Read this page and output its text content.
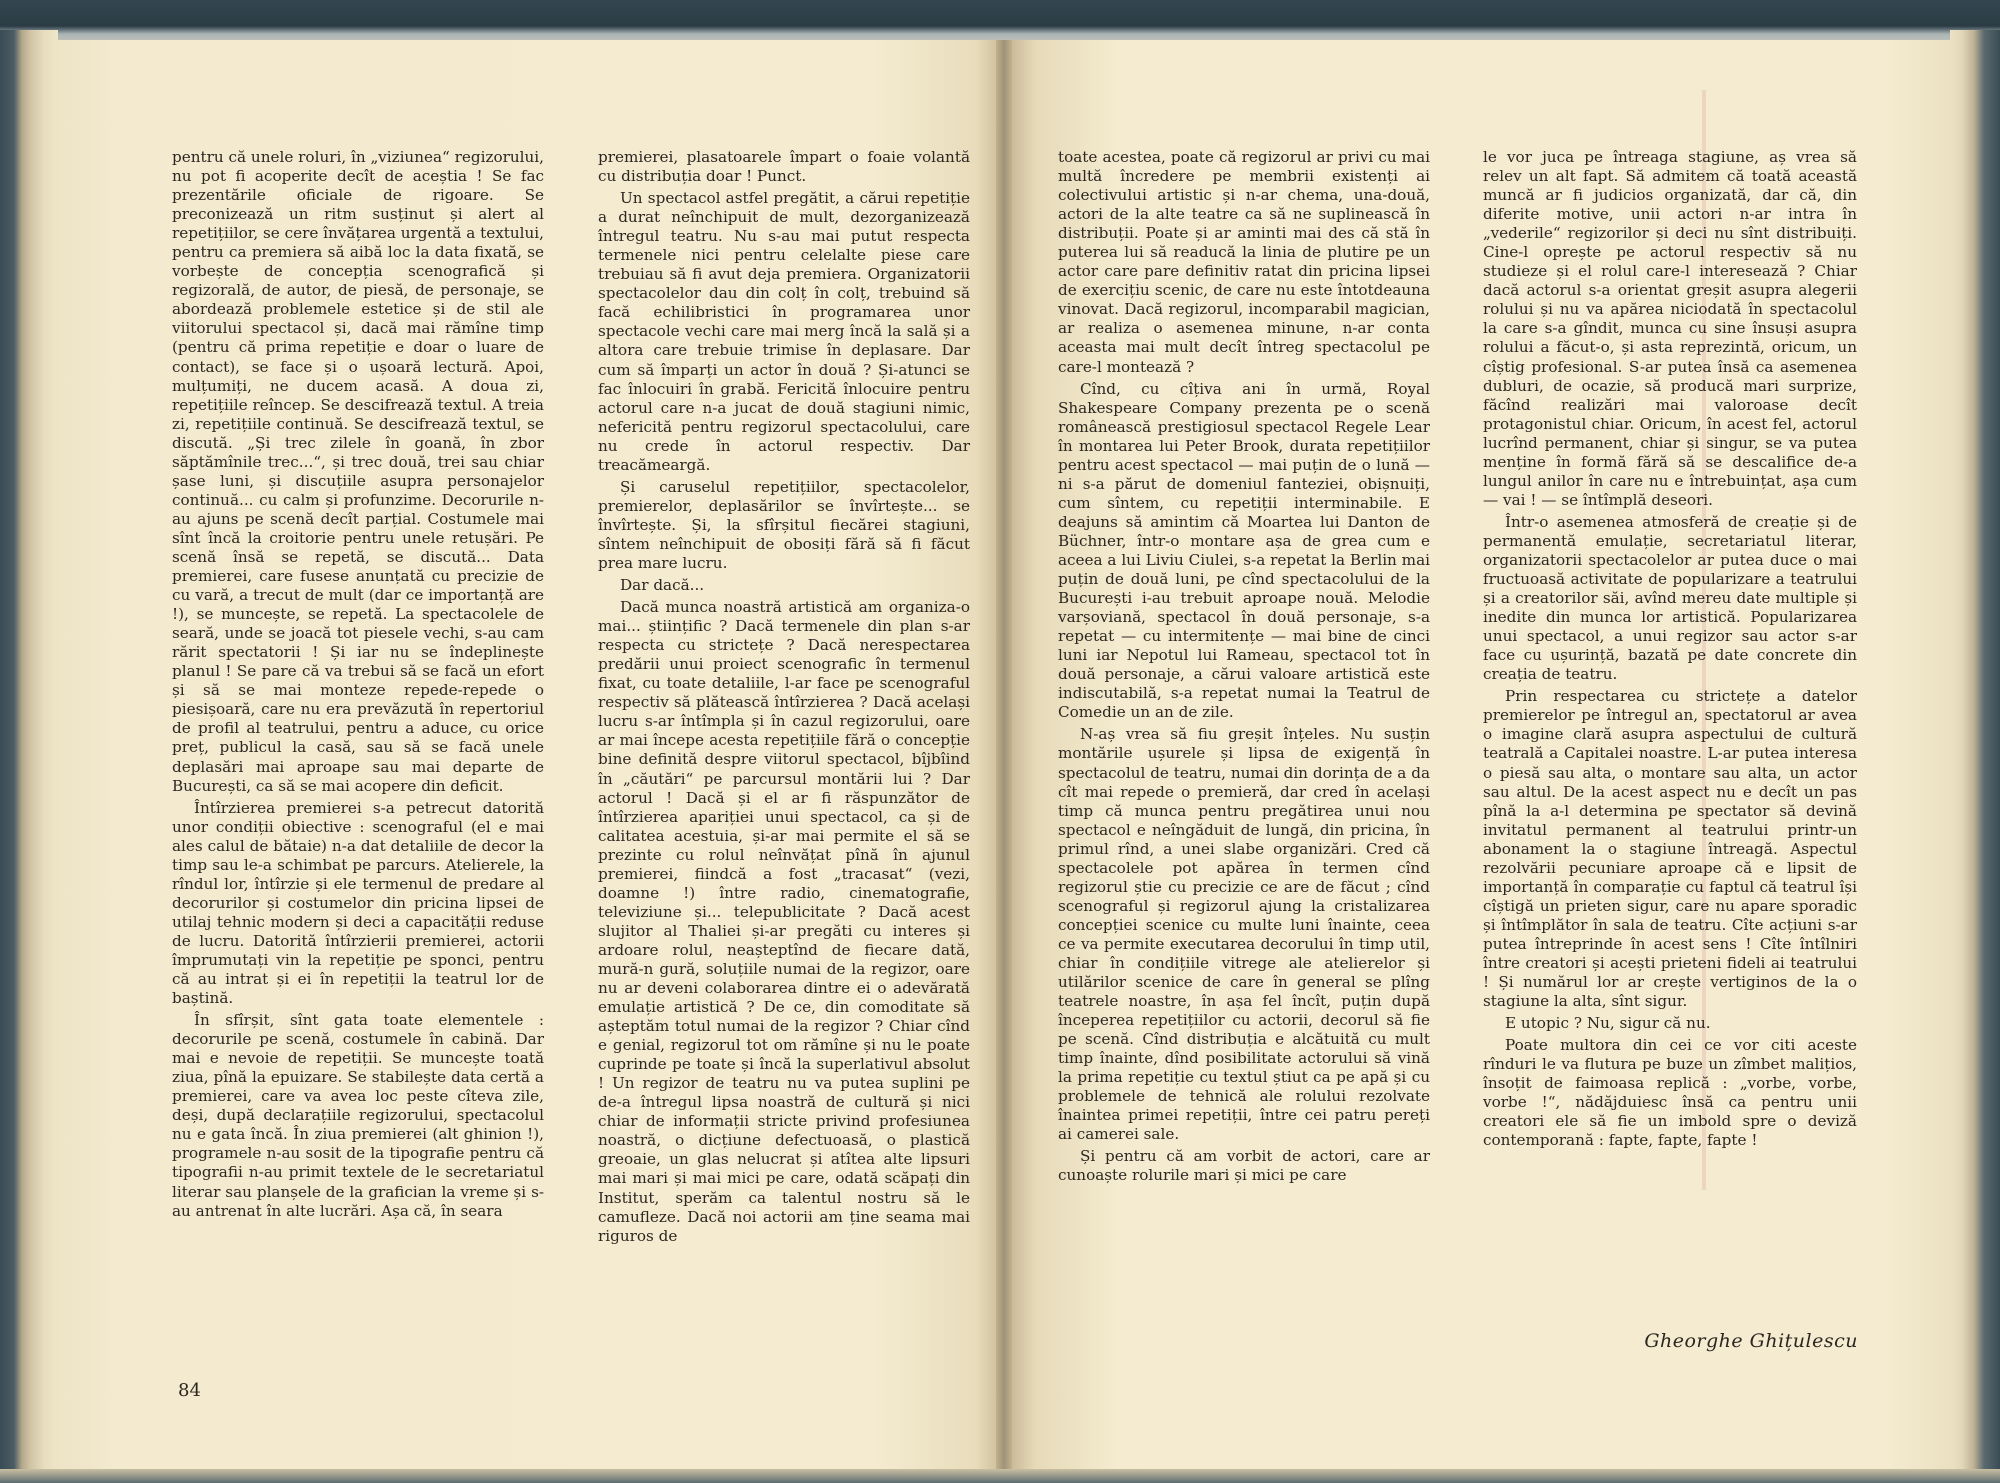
pentru că unele roluri, în „viziunea“ regizorului, nu pot fi acoperite decît de aceștia ! Se fac prezentările oficiale de rigoare. Se preconizează un ritm susținut și alert al repetițiilor, se cere învățarea urgentă a textului, pentru ca premiera să aibă loc la data fixată, se vorbește de concepția scenografică și regizorală, de autor, de piesă, de personaje, se abordează problemele estetice și de stil ale viitorului spectacol și, dacă mai rămîne timp (pentru că prima repetiție e doar o luare de contact), se face și o ușoară lectură. Apoi, mulțumiți, ne ducem acasă. A doua zi, repetițiile reîncep. Se descifrează textul. A treia zi, repetițiile continuă. Se descifrează textul, se discută. „Și trec zilele în goană, în zbor săptămînile trec...“, și trec două, trei sau chiar șase luni, și discuțiile asupra personajelor continuă... cu calm și profunzime. Decorurile n-au ajuns pe scenă decît parțial. Costumele mai sînt încă la croitorie pentru unele retușări. Pe scenă însă se repetă, se discută... Data premierei, care fusese anunțată cu precizie de cu vară, a trecut de mult (dar ce importanță are !), se muncește, se repetă. La spectacolele de seară, unde se joacă tot piesele vechi, s-au cam rărit spectatorii ! Și iar nu se îndeplinește planul ! Se pare că va trebui să se facă un efort și să se mai monteze repede-repede o piesișoară, care nu era prevăzută în repertoriul de profil al teatrului, pentru a aduce, cu orice preț, publicul la casă, sau să se facă unele deplasări mai aproape sau mai departe de București, ca să se mai acopere din deficit.

Întîrzierea premierei s-a petrecut datorită unor condiții obiective : scenograful (el e mai ales calul de bătaie) n-a dat detaliile de decor la timp sau le-a schimbat pe parcurs. Atelierele, la rîndul lor, întîrzie și ele termenul de predare al decorurilor și costumelor din pricina lipsei de utilaj tehnic modern și deci a capacității reduse de lucru. Datorită întîrzierii premierei, actorii împrumutați vin la repetiție pe sponci, pentru că au intrat și ei în repetiții la teatrul lor de baștină.

În sfîrșit, sînt gata toate elementele : decorurile pe scenă, costumele în cabină. Dar mai e nevoie de repetiții. Se muncește toată ziua, pînă la epuizare. Se stabilește data certă a premierei, care va avea loc peste cîteva zile, deși, după declarațiile regizorului, spectacolul nu e gata încă. În ziua premierei (alt ghinion !), programele n-au sosit de la tipografie pentru că tipografii n-au primit textele de le secretariatul literar sau planșele de la grafician la vreme și s-au antrenat în alte lucrări. Așa că, în seara

premierei, plasatoarele împart o foaie volantă cu distribuția doar ! Punct.

Un spectacol astfel pregătit, a cărui repetiție a durat neînchipuit de mult, dezorganizează întregul teatru. Nu s-au mai putut respecta termenele nici pentru celelalte piese care trebuiau să fi avut deja premiera. Organizatorii spectacolelor dau din colț în colț, trebuind să facă echilibristici în programarea unor spectacole vechi care mai merg încă la sală și a altora care trebuie trimise în deplasare. Dar cum să împarți un actor în două ? Și-atunci se fac înlocuiri în grabă. Fericită înlocuire pentru actorul care n-a jucat de două stagiuni nimic, nefericită pentru regizorul spectacolului, care nu crede în actorul respectiv. Dar treacămeargă.

Și caruselul repetițiilor, spectacolelor, premierelor, deplasărilor se învîrtește... se învîrtește. Și, la sfîrșitul fiecărei stagiuni, sîntem neînchipuit de obosiți fără să fi făcut prea mare lucru.

Dar dacă...

Dacă munca noastră artistică am organiza-o mai... științific ? Dacă termenele din plan s-ar respecta cu strictețe ? Dacă nerespectarea predării unui proiect scenografic în termenul fixat, cu toate detaliile, l-ar face pe scenograful respectiv să plătească întîrzierea ? Dacă același lucru s-ar întîmpla și în cazul regizorului, oare ar mai începe acesta repetițiile fără o concepție bine definită despre viitorul spectacol, bîjbîind în „căutări“ pe parcursul montării lui ? Dar actorul ! Dacă și el ar fi răspunzător de întîrzierea apariției unui spectacol, ca și de calitatea acestuia, și-ar mai permite el să se prezinte cu rolul neînvățat pînă în ajunul premierei, fiindcă a fost „tracasat“ (vezi, doamne !) între radio, cinematografie, televiziune și... telepublicitate ? Dacă acest slujitor al Thaliei și-ar pregăti cu interes și ardoare rolul, neașteptînd de fiecare dată, mură-n gură, soluțiile numai de la regizor, oare nu ar deveni colaborarea dintre ei o adevărată emulație artistică ? De ce, din comoditate să așteptăm totul numai de la regizor ? Chiar cînd e genial, regizorul tot om rămîne și nu le poate cuprinde pe toate și încă la superlativul absolut ! Un regizor de teatru nu va putea suplini pe de-a întregul lipsa noastră de cultură și nici chiar de informații stricte privind profesiunea noastră, o dicțiune defectuoasă, o plastică greoaie, un glas nelucrat și atîtea alte lipsuri mai mari și mai mici pe care, odată scăpați din Institut, sperăm ca talentul nostru să le camufleze. Dacă noi actorii am ține seama mai riguros de

toate acestea, poate că regizorul ar privi cu mai multă încredere pe membrii existenți ai colectivului artistic și n-ar chema, una-două, actori de la alte teatre ca să ne suplinească în distribuții. Poate și ar aminti mai des că stă în puterea lui să readucă la linia de plutire pe un actor care pare definitiv ratat din pricina lipsei de exercițiu scenic, de care nu este întotdeauna vinovat. Dacă regizorul, incomparabil magician, ar realiza o asemenea minune, n-ar conta aceasta mai mult decît întreg spectacolul pe care-l montează ?

Cînd, cu cîțiva ani în urmă, Royal Shakespeare Company prezenta pe o scenă românească prestigiosul spectacol Regele Lear în montarea lui Peter Brook, durata repetițiilor pentru acest spectacol — mai puțin de o lună — ni s-a părut de domeniul fanteziei, obișnuiți, cum sîntem, cu repetiții interminabile. E deajuns să amintim că Moartea lui Danton de Büchner, într-o montare așa de grea cum e aceea a lui Liviu Ciulei, s-a repetat la Berlin mai puțin de două luni, pe cînd spectacolului de la București i-au trebuit aproape nouă. Melodie varșoviană, spectacol în două personaje, s-a repetat — cu intermitențe — mai bine de cinci luni iar Nepotul lui Rameau, spectacol tot în două personaje, a cărui valoare artistică este indiscutabilă, s-a repetat numai la Teatrul de Comedie un an de zile.

N-aș vrea să fiu greșit înțeles. Nu susțin montările ușurele și lipsa de exigență în spectacolul de teatru, numai din dorința de a da cît mai repede o premieră, dar cred în același timp că munca pentru pregătirea unui nou spectacol e neîngăduit de lungă, din pricina, în primul rînd, a unei slabe organizări. Cred că spectacolele pot apărea în termen cînd regizorul știe cu precizie ce are de făcut ; cînd scenograful și regizorul ajung la cristalizarea concepției scenice cu multe luni înainte, ceea ce va permite executarea decorului în timp util, chiar în condițiile vitrege ale atelierelor și utilărilor scenice de care în general se plîng teatrele noastre, în așa fel încît, puțin după începerea repetițiilor cu actorii, decorul să fie pe scenă. Cînd distribuția e alcătuită cu mult timp înainte, dînd posibilitate actorului să vină la prima repetiție cu textul știut ca pe apă și cu problemele de tehnică ale rolului rezolvate înaintea primei repetiții, între cei patru pereți ai camerei sale.

Și pentru că am vorbit de actori, care ar cunoaște rolurile mari și mici pe care

le vor juca pe întreaga stagiune, aș vrea să relev un alt fapt. Să admitem că toată această muncă ar fi judicios organizată, dar că, din diferite motive, unii actori n-ar intra în „vederile“ regizorilor și deci nu sînt distribuiți. Cine-l oprește pe actorul respectiv să nu studieze și el rolul care-l interesează ? Chiar dacă actorul s-a orientat greșit asupra alegerii rolului și nu va apărea niciodată în spectacolul la care s-a gîndit, munca cu sine însuși asupra rolului a făcut-o, și asta reprezintă, oricum, un cîștig profesional. S-ar putea însă ca asemenea dubluri, de ocazie, să producă mari surprize, făcînd realizări mai valoroase decît protagonistul chiar. Oricum, în acest fel, actorul lucrînd permanent, chiar și singur, se va putea menține în formă fără să se descalifice de-a lungul anilor în care nu e întrebuințat, așa cum — vai ! — se întîmplă deseori.

Într-o asemenea atmosferă de creație și de permanentă emulație, secretariatul literar, organizatorii spectacolelor ar putea duce o mai fructuoasă activitate de popularizare a teatrului și a creatorilor săi, avînd mereu date multiple și inedite din munca lor artistică. Popularizarea unui spectacol, a unui regizor sau actor s-ar face cu ușurință, bazată pe date concrete din creația de teatru.

Prin respectarea cu strictețe a datelor premierelor pe întregul an, spectatorul ar avea o imagine clară asupra aspectului de cultură teatrală a Capitalei noastre. L-ar putea interesa o piesă sau alta, o montare sau alta, un actor sau altul. De la acest aspect nu e decît un pas pînă la a-l determina pe spectator să devină invitatul permanent al teatrului printr-un abonament la o stagiune întreagă. Aspectul rezolvării pecuniare aproape că e lipsit de importanță în comparație cu faptul că teatrul își cîștigă un prieten sigur, care nu apare sporadic și întîmplător în sala de teatru. Cîte acțiuni s-ar putea întreprinde în acest sens ! Cîte întîlniri între creatori și acești prieteni fideli ai teatrului ! Și numărul lor ar crește vertiginos de la o stagiune la alta, sînt sigur.

E utopic ? Nu, sigur că nu.

Poate multora din cei ce vor citi aceste rînduri le va flutura pe buze un zîmbet malițios, însoțit de faimoasa replică : „vorbe, vorbe, vorbe !“, nădăjduiesc însă ca pentru unii creatori ele să fie un imbold spre o deviză contemporană : fapte, fapte, fapte !

84
Gheorghe Ghițulescu
